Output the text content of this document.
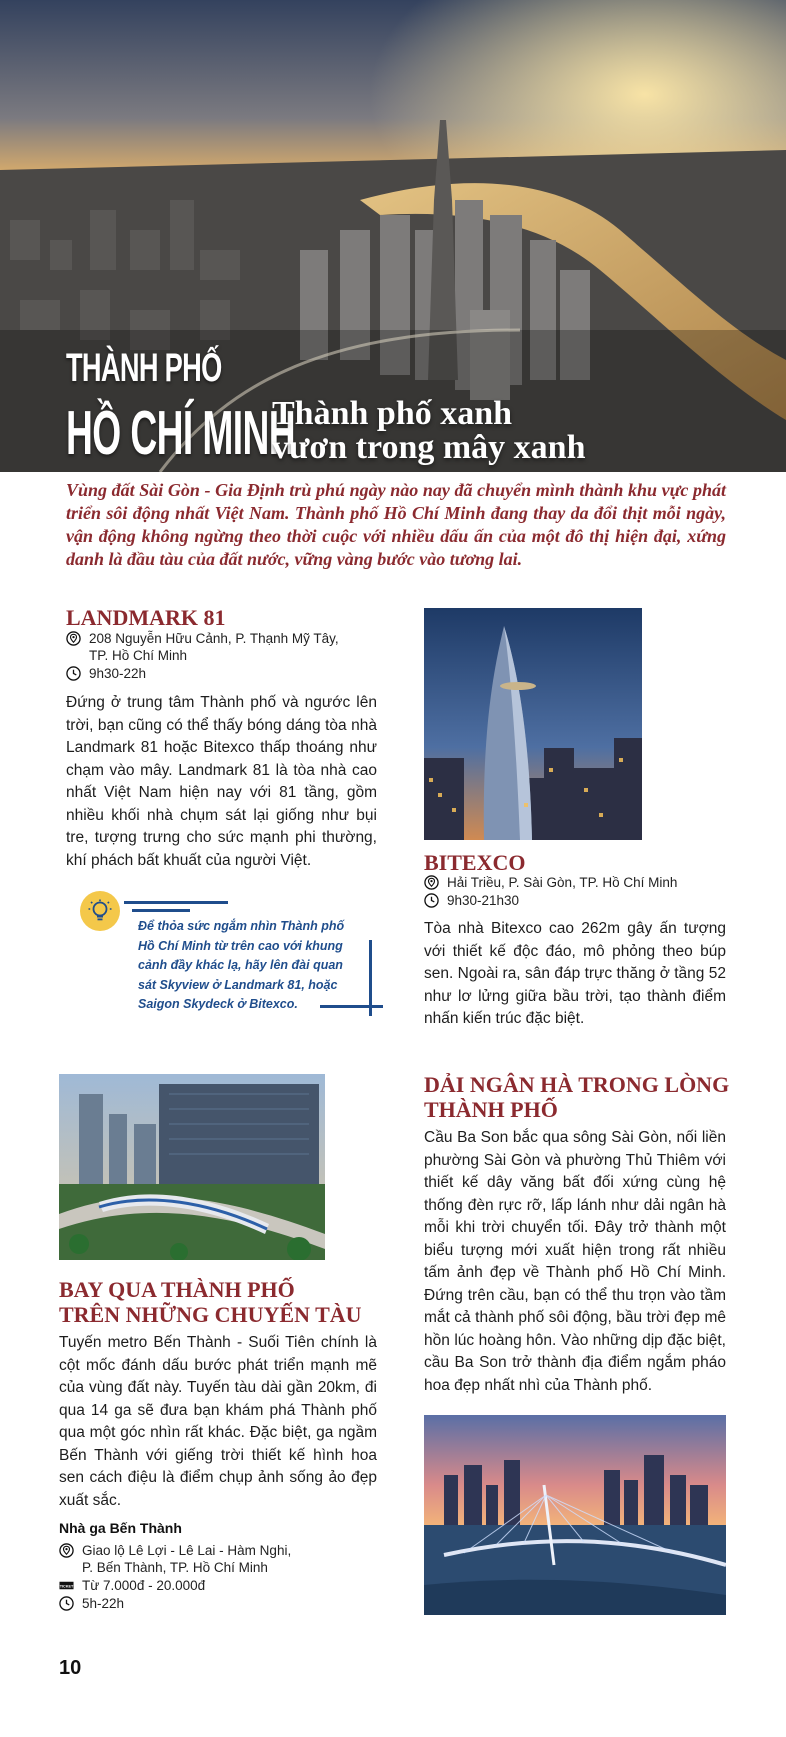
THÀNH PHỐ
HỒ CHÍ MINH
Thành phố xanh
vươn trong mây xanh

Vùng đất Sài Gòn - Gia Định trù phú ngày nào nay đã chuyển mình thành khu vực phát triển sôi động nhất Việt Nam. Thành phố Hồ Chí Minh đang thay da đổi thịt mỗi ngày, vận động không ngừng theo thời cuộc với nhiều dấu ấn của một đô thị hiện đại, xứng danh là đầu tàu của đất nước, vững vàng bước vào tương lai.

LANDMARK 81
208 Nguyễn Hữu Cảnh, P. Thạnh Mỹ Tây,
TP. Hồ Chí Minh
9h30-22h

Đứng ở trung tâm Thành phố và ngước lên trời, bạn cũng có thể thấy bóng dáng tòa nhà Landmark 81 hoặc Bitexco thấp thoáng như chạm vào mây. Landmark 81 là tòa nhà cao nhất Việt Nam hiện nay với 81 tầng, gồm nhiều khối nhà chụm sát lại giống như bụi tre, tượng trưng cho sức mạnh phi thường, khí phách bất khuất của người Việt.

Để thỏa sức ngắm nhìn Thành phố Hồ Chí Minh từ trên cao với khung cảnh đầy khác lạ, hãy lên đài quan sát Skyview ở Landmark 81, hoặc Saigon Skydeck ở Bitexco.

BITEXCO
Hải Triều, P. Sài Gòn, TP. Hồ Chí Minh
9h30-21h30

Tòa nhà Bitexco cao 262m gây ấn tượng với thiết kế độc đáo, mô phỏng theo búp sen. Ngoài ra, sân đáp trực thăng ở tầng 52 như lơ lửng giữa bầu trời, tạo thành điểm nhấn kiến trúc đặc biệt.

BAY QUA THÀNH PHỐ
TRÊN NHỮNG CHUYẾN TÀU

Tuyến metro Bến Thành - Suối Tiên chính là cột mốc đánh dấu bước phát triển mạnh mẽ của vùng đất này. Tuyến tàu dài gần 20km, đi qua 14 ga sẽ đưa bạn khám phá Thành phố qua một góc nhìn rất khác. Đặc biệt, ga ngầm Bến Thành với giếng trời thiết kế hình hoa sen cách điệu là điểm chụp ảnh sống ảo đẹp xuất sắc.

Nhà ga Bến Thành
Giao lộ Lê Lợi - Lê Lai - Hàm Nghi,
P. Bến Thành, TP. Hồ Chí Minh
TICKET Từ 7.000đ - 20.000đ
5h-22h
DẢI NGÂN HÀ TRONG LÒNG
THÀNH PHỐ

Cầu Ba Son bắc qua sông Sài Gòn, nối liền phường Sài Gòn và phường Thủ Thiêm với thiết kế dây văng bất đối xứng cùng hệ thống đèn rực rỡ, lấp lánh như dải ngân hà mỗi khi trời chuyển tối. Đây trở thành một biểu tượng mới xuất hiện trong rất nhiều tấm ảnh đẹp về Thành phố Hồ Chí Minh. Đứng trên cầu, bạn có thể thu trọn vào tầm mắt cả thành phố sôi động, bầu trời đẹp mê hồn lúc hoàng hôn. Vào những dịp đặc biệt, cầu Ba Son trở thành địa điểm ngắm pháo hoa đẹp nhất nhì của Thành phố.

10
